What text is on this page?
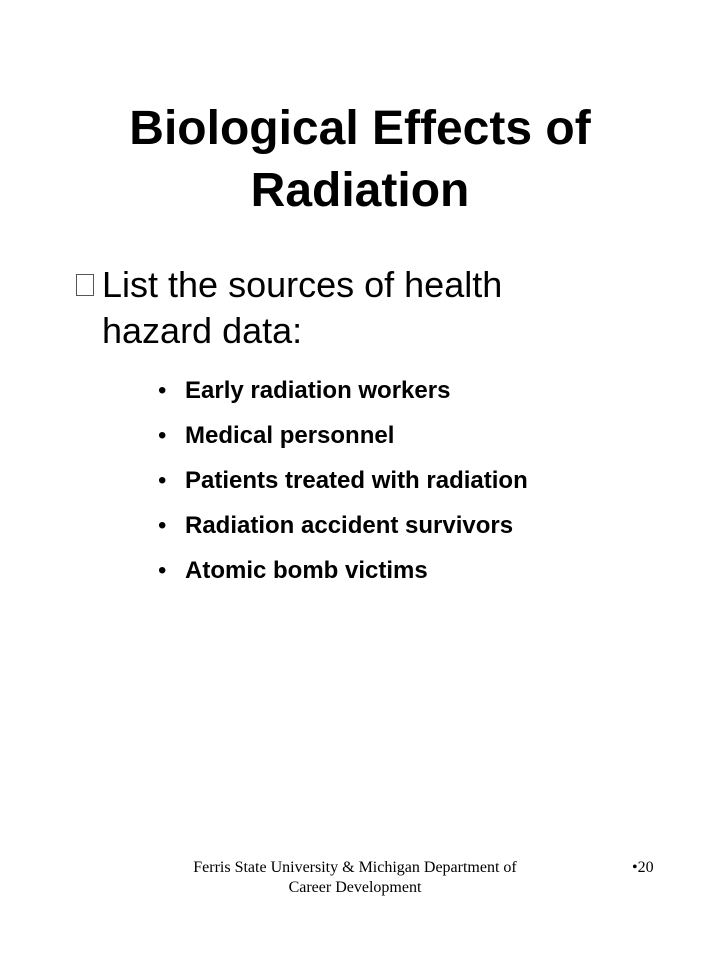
Biological Effects of
Radiation
List the sources of health hazard data:
• Early radiation workers
• Medical personnel
• Patients treated with radiation
• Radiation accident survivors
• Atomic bomb victims
Ferris State University & Michigan Department of
Career Development
•20
